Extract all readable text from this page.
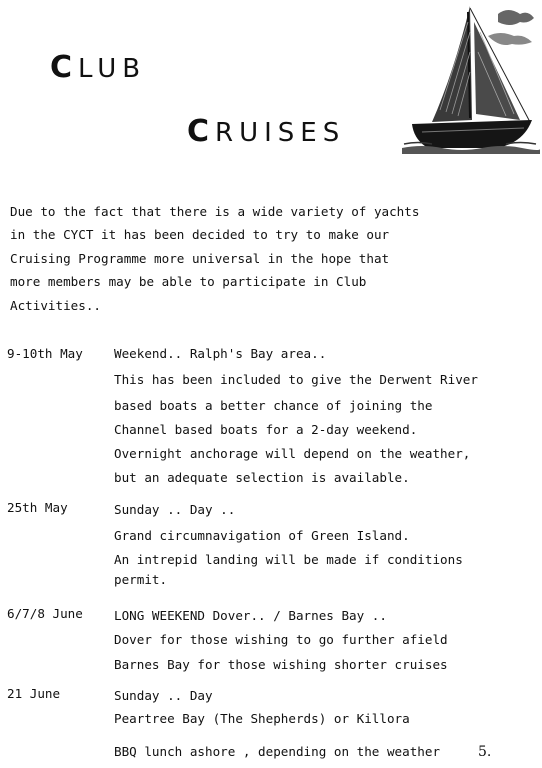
CLUB
CRUISES
Due to the fact that there is a wide variety of yachts
in the CYCT it has been decided to try to make our
Cruising Programme more universal in the hope that
more members may be able to participate in Club
Activities..
9-10th May Weekend.. Ralph's Bay area..
This has been included to give the Derwent River
based boats a better chance of joining the
Channel based boats for a 2-day weekend.
Overnight anchorage will depend on the weather,
but an adequate selection is available.
25th May	Sunday .. Day ..
Grand circumnavigation of Green Island.
An intrepid landing will be made if conditions
permit.
6/7/8 June LONG WEEKEND Dover.. / Barnes Bay ..
Dover for those wishing to go further afield
Barnes Bay for those wishing shorter cruises
21 June	Sunday .. Day
Peartree Bay (The Shepherds) or Killora
BBQ lunch ashore , depending on the weather	5.
